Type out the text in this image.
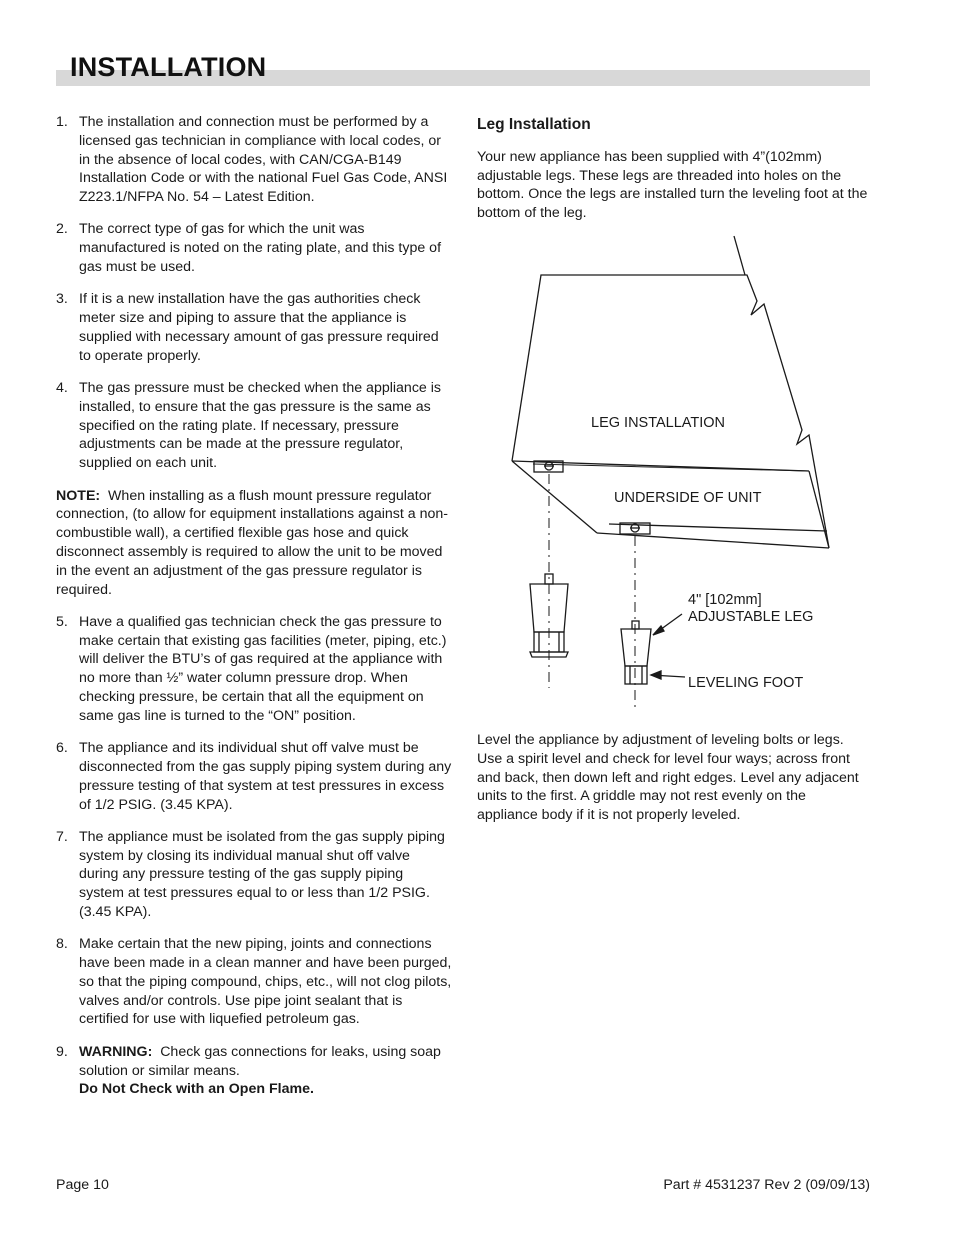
INSTALLATION
1. The installation and connection must be performed by a licensed gas technician in compliance with local codes, or in the absence of local codes, with CAN/CGA-B149 Installation Code or with the national Fuel Gas Code, ANSI Z223.1/NFPA No. 54 – Latest Edition.
2. The correct type of gas for which the unit was manufactured is noted on the rating plate, and this type of gas must be used.
3. If it is a new installation have the gas authorities check meter size and piping to assure that the appliance is supplied with necessary amount of gas pressure required to operate properly.
4. The gas pressure must be checked when the appliance is installed, to ensure that the gas pressure is the same as specified on the rating plate. If necessary, pressure adjustments can be made at the pressure regulator, supplied on each unit.

NOTE: When installing as a flush mount pressure regulator connection, (to allow for equipment installations against a non-combustible wall), a certified flexible gas hose and quick disconnect assembly is required to allow the unit to be moved in the event an adjustment of the gas pressure regulator is required.

5. Have a qualified gas technician check the gas pressure to make certain that existing gas facilities (meter, piping, etc.) will deliver the BTU’s of gas required at the appliance with no more than ½” water column pressure drop. When checking pressure, be certain that all the equipment on same gas line is turned to the “ON” position.
6. The appliance and its individual shut off valve must be disconnected from the gas supply piping system during any pressure testing of that system at test pressures in excess of 1/2 PSIG. (3.45 KPA).
7. The appliance must be isolated from the gas supply piping system by closing its individual manual shut off valve during any pressure testing of the gas supply piping system at test pressures equal to or less than 1/2 PSIG. (3.45 KPA).
8. Make certain that the new piping, joints and connections have been made in a clean manner and have been purged, so that the piping compound, chips, etc., will not clog pilots, valves and/or controls. Use pipe joint sealant that is certified for use with liquefied petroleum gas.
9. WARNING: Check gas connections for leaks, using soap solution or similar means.
Do Not Check with an Open Flame.
Leg Installation

Your new appliance has been supplied with 4”(102mm) adjustable legs. These legs are threaded into holes on the bottom. Once the legs are installed turn the leveling foot at the bottom of the leg.

LEG INSTALLATION
UNDERSIDE OF UNIT
4" [102mm]
ADJUSTABLE LEG
LEVELING FOOT

Level the appliance by adjustment of leveling bolts or legs. Use a spirit level and check for level four ways; across front and back, then down left and right edges. Level any adjacent units to the first. A griddle may not rest evenly on the appliance body if it is not properly leveled.

Page 10	Part # 4531237 Rev 2 (09/09/13)
